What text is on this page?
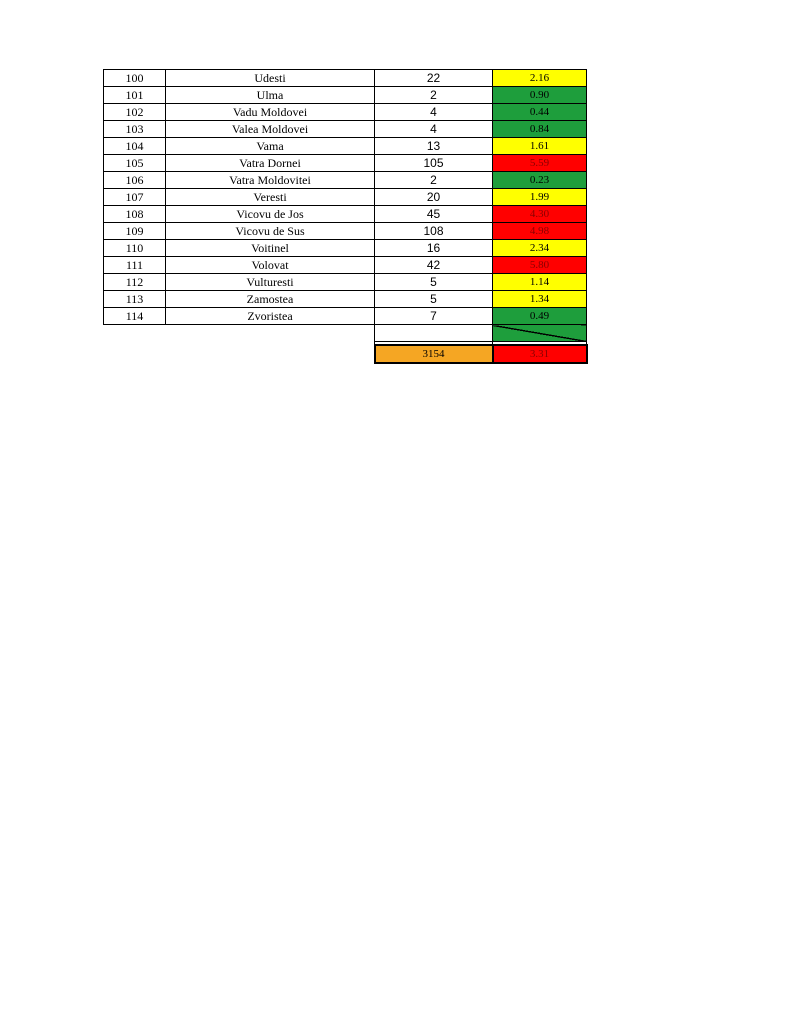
100	Udesti	22	2.16
101	Ulma	2	0.90
102	Vadu Moldovei	4	0.44
103	Valea Moldovei	4	0.84
104	Vama	13	1.61
105	Vatra Dornei	105	5.59
106	Vatra Moldovitei	2	0.23
107	Veresti	20	1.99
108	Vicovu de Jos	45	4.30
109	Vicovu de Sus	108	4.98
110	Voitinel	16	2.34
111	Volovat	42	5.80
112	Vulturesti	5	1.14
113	Zamostea	5	1.34
114	Zvoristea	7	0.49

		3154	3.31
